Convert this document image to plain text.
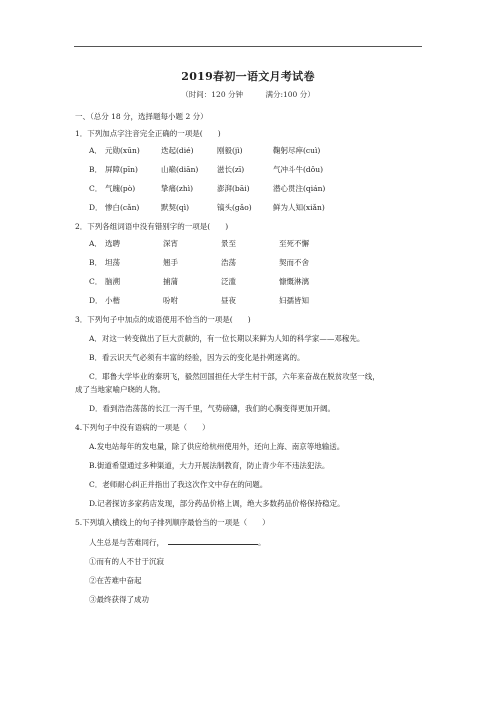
2019春初一语文月考试卷
（时间：120 分钟　　　满分:100 分）
一、（总分 18 分，选择题每小题 2 分）
1．下列加点字注音完全正确的一项是(　　)
A． 元勋(xūn)	迭起(dié)	刚毅(jì)	鞠躬尽瘁(cuì)
B． 屏障(pīn)	山巅(diān)	滋长(zī)	气冲斗牛(dǒu)
C． 气魄(pò)	挚痛(zhì)	澎湃(bāi)	潜心贯注(qián)
D． 惨白(cǎn)	默契(qì)	镐头(gǎo)	鲜为人知(xiǎn)
2．下列各组词语中没有错别字的一项是(　　)
A． 选聘	深宵	景至	至死不懈
B． 坦荡	翘手	浩荡	契而不舍
C． 脑溯	捕蒲	泛滥	慷慨淋漓
D． 小楷	吩咐	昼夜	妇孺皆知
3．下列句子中加点的成语使用不恰当的一项是(　　)
A．对这一转变做出了巨大贡献的，有一位长期以来鲜为人知的科学家——邓稼先。
B．看云识天气必须有丰富的经验，因为云的变化是扑朔迷离的。
C．耶鲁大学毕业的秦玥飞，毅然回国担任大学生村干部，六年来奋战在脱贫攻坚一线，
成了当地家喻户晓的人物。
D．看到浩浩荡荡的长江一泻千里，气势磅礴，我们的心胸变得更加开阔。
4.下列句子中没有语病的一项是（　　）
A.发电站每年的发电量，除了供应给杭州使用外，还向上海、南京等地输送。
B.街道希望通过多种渠道，大力开展法制教育，防止青少年不违法犯法。
C．老师耐心纠正并指出了我这次作文中存在的问题。
D.记者探访多家药店发现，部分药品价格上调，绝大多数药品价格保持稳定。
5.下列填入横线上的句子排列顺序最恰当的一项是（　　）
人生总是与苦难同行，	。
①而有的人不甘于沉寂
②在苦难中奋起
③最终获得了成功
